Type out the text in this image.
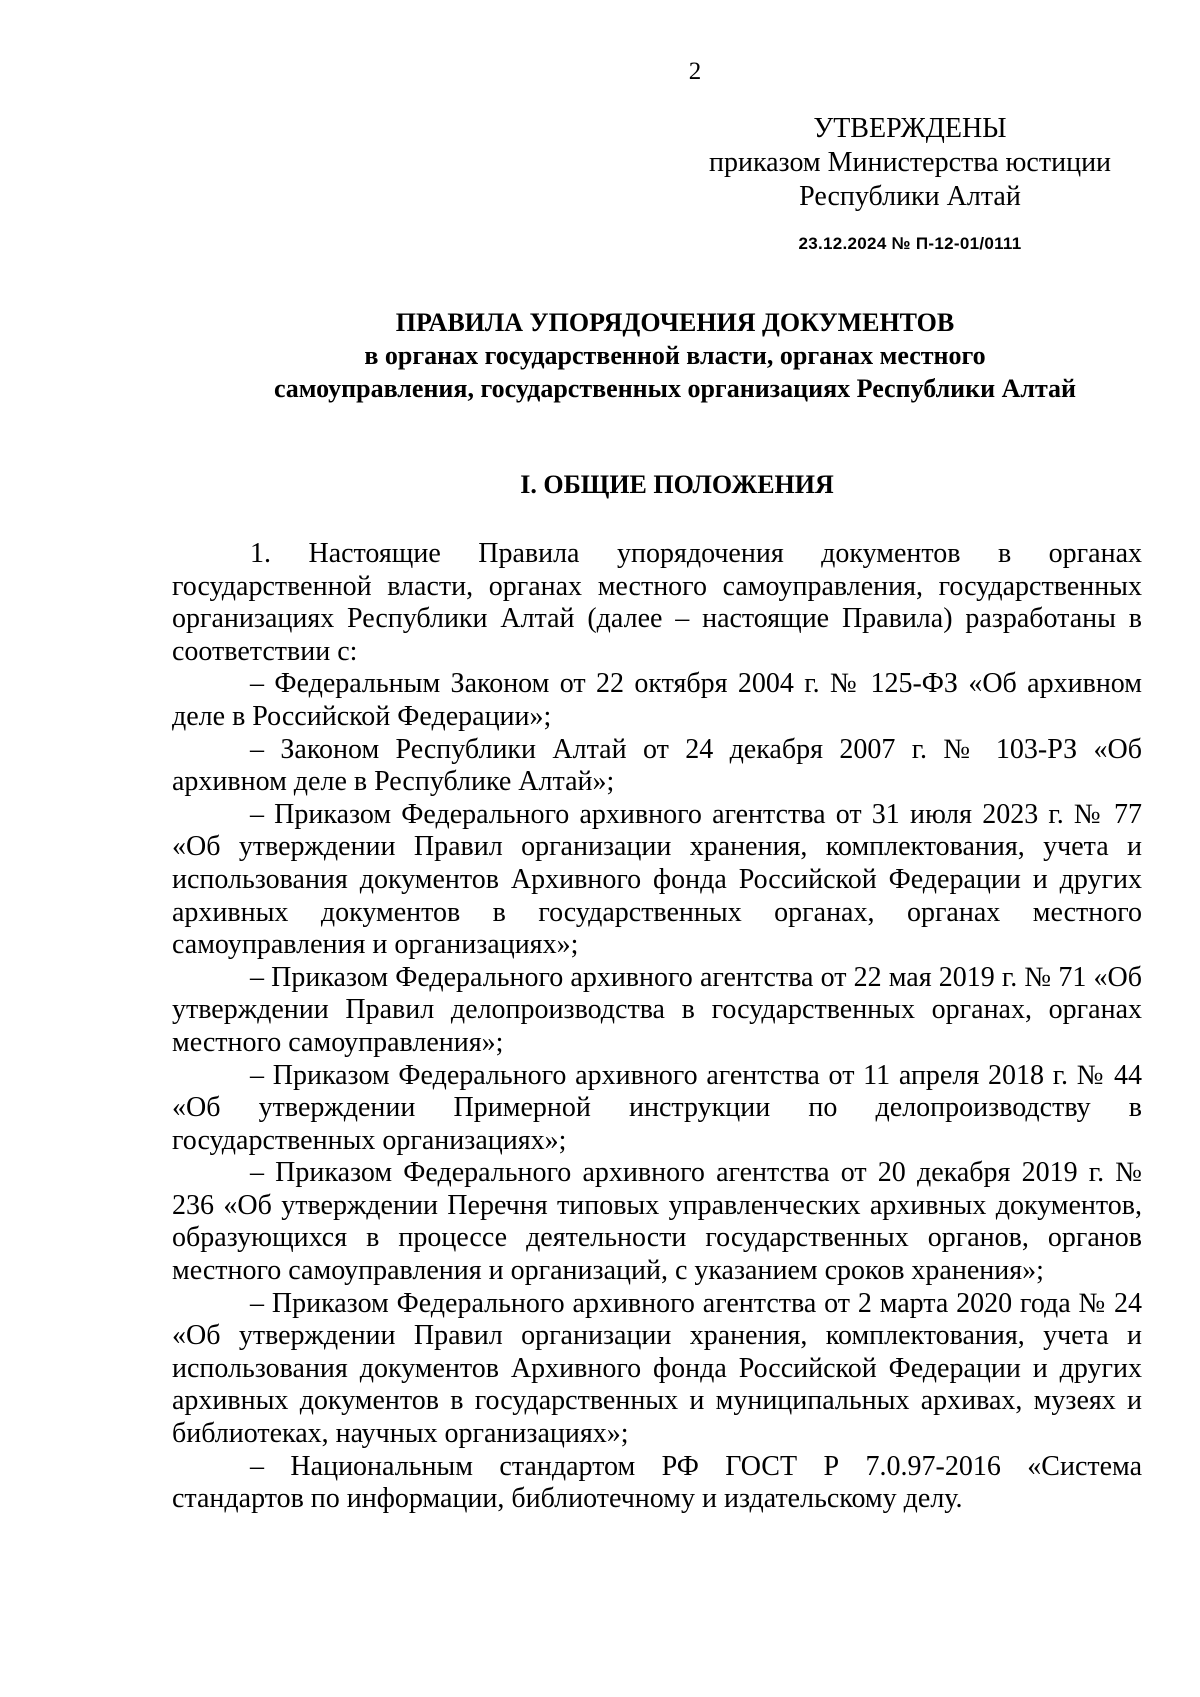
2
УТВЕРЖДЕНЫ
приказом Министерства юстиции
Республики Алтай
23.12.2024 № П-12-01/0111
ПРАВИЛА УПОРЯДОЧЕНИЯ ДОКУМЕНТОВ
в органах государственной власти, органах местного
самоуправления, государственных организациях Республики Алтай
I. ОБЩИЕ ПОЛОЖЕНИЯ

1. Настоящие Правила упорядочения документов в органах государственной власти, органах местного самоуправления, государственных организациях Республики Алтай (далее – настоящие Правила) разработаны в соответствии с:

– Федеральным Законом от 22 октября 2004 г. № 125-ФЗ «Об архивном деле в Российской Федерации»;

– Законом Республики Алтай от 24 декабря 2007 г. № 103-РЗ «Об архивном деле в Республике Алтай»;

– Приказом Федерального архивного агентства от 31 июля 2023 г. № 77 «Об утверждении Правил организации хранения, комплектования, учета и использования документов Архивного фонда Российской Федерации и других архивных документов в государственных органах, органах местного самоуправления и организациях»;

– Приказом Федерального архивного агентства от 22 мая 2019 г. № 71 «Об утверждении Правил делопроизводства в государственных органах, органах местного самоуправления»;

– Приказом Федерального архивного агентства от 11 апреля 2018 г. № 44 «Об утверждении Примерной инструкции по делопроизводству в государственных организациях»;

– Приказом Федерального архивного агентства от 20 декабря 2019 г. № 236 «Об утверждении Перечня типовых управленческих архивных документов, образующихся в процессе деятельности государственных органов, органов местного самоуправления и организаций, с указанием сроков хранения»;

– Приказом Федерального архивного агентства от 2 марта 2020 года № 24 «Об утверждении Правил организации хранения, комплектования, учета и использования документов Архивного фонда Российской Федерации и других архивных документов в государственных и муниципальных архивах, музеях и библиотеках, научных организациях»;

– Национальным стандартом РФ ГОСТ Р 7.0.97-2016 «Система стандартов по информации, библиотечному и издательскому делу.
